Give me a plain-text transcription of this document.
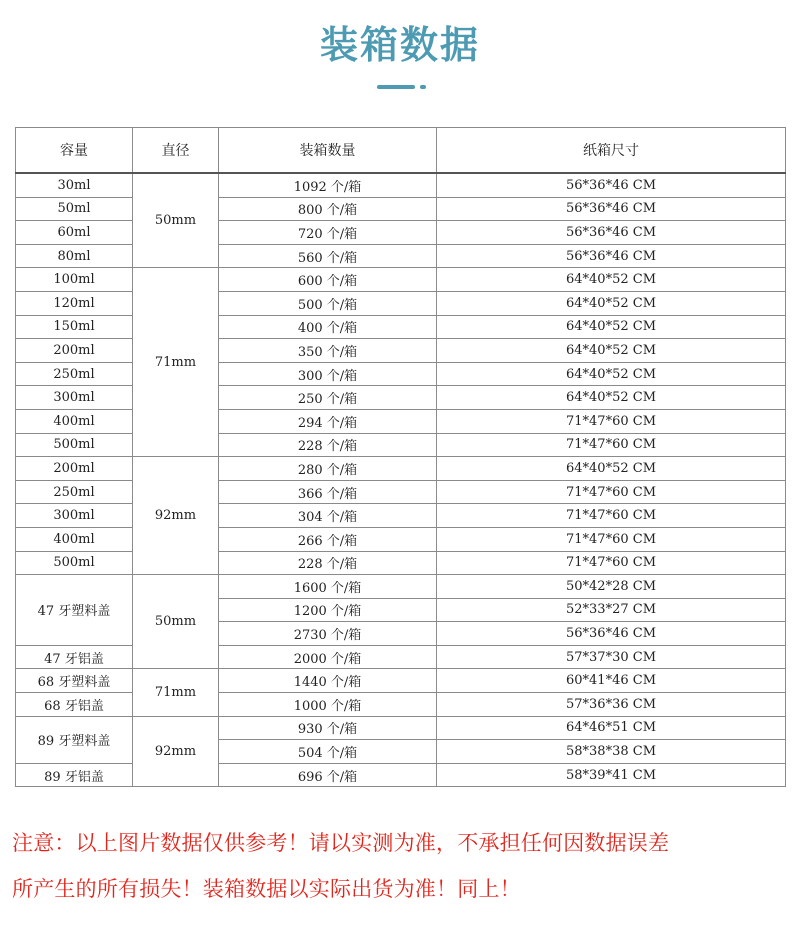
装箱数据
容量	直径	装箱数量	纸箱尺寸
30ml	50mm	1092 个/箱	56*36*46 CM
50ml		800 个/箱	56*36*46 CM
60ml		720 个/箱	56*36*46 CM
80ml		560 个/箱	56*36*46 CM
100ml	71mm	600 个/箱	64*40*52 CM
120ml		500 个/箱	64*40*52 CM
150ml		400 个/箱	64*40*52 CM
200ml		350 个/箱	64*40*52 CM
250ml		300 个/箱	64*40*52 CM
300ml		250 个/箱	64*40*52 CM
400ml		294 个/箱	71*47*60 CM
500ml		228 个/箱	71*47*60 CM
200ml	92mm	280 个/箱	64*40*52 CM
250ml		366 个/箱	71*47*60 CM
300ml		304 个/箱	71*47*60 CM
400ml		266 个/箱	71*47*60 CM
500ml		228 个/箱	71*47*60 CM
47 牙塑料盖	50mm	1600 个/箱	50*42*28 CM
		1200 个/箱	52*33*27 CM
		2730 个/箱	56*36*46 CM
47 牙铝盖		2000 个/箱	57*37*30 CM
68 牙塑料盖	71mm	1440 个/箱	60*41*46 CM
68 牙铝盖		1000 个/箱	57*36*36 CM
89 牙塑料盖	92mm	930 个/箱	64*46*51 CM
		504 个/箱	58*38*38 CM
89 牙铝盖		696 个/箱	58*39*41 CM
注意：以上图片数据仅供参考！请以实测为准，不承担任何因数据误差
所产生的所有损失！装箱数据以实际出货为准！同上！
